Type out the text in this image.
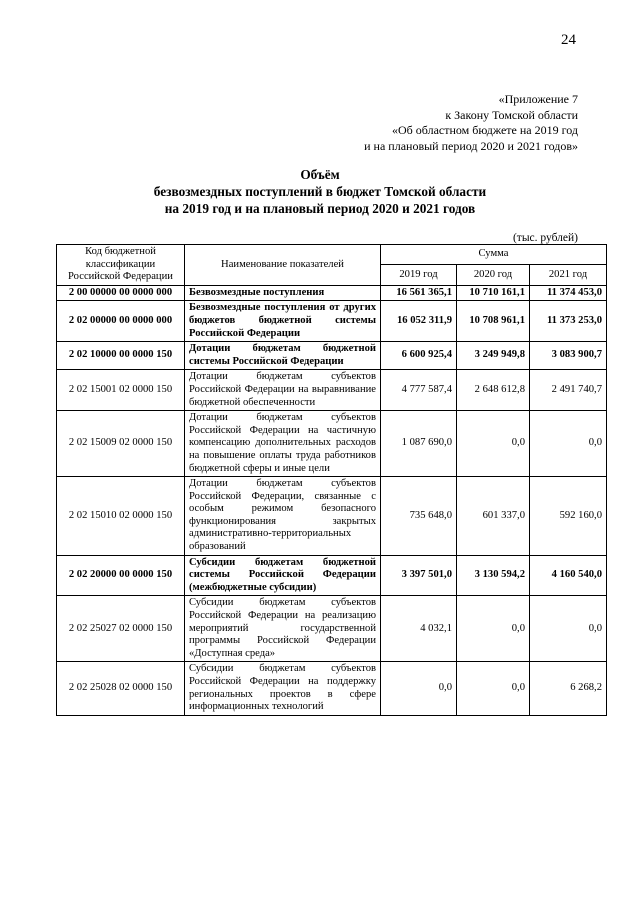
24
«Приложение 7
к Закону Томской области
«Об областном бюджете на 2019 год
и на плановый период 2020 и 2021 годов»
Объём
безвозмездных поступлений в бюджет Томской области
на 2019 год и на плановый период 2020 и 2021 годов
(тыс. рублей)
Код бюджетной классификации Российской Федерации	Наименование показателей	Сумма		
		2019 год	2020 год	2021 год
2 00 00000 00 0000 000	Безвозмездные поступления	16 561 365,1	10 710 161,1	11 374 453,0
2 02 00000 00 0000 000	Безвозмездные поступления от других бюджетов бюджетной системы Российской Федерации	16 052 311,9	10 708 961,1	11 373 253,0
2 02 10000 00 0000 150	Дотации бюджетам бюджетной системы Российской Федерации	6 600 925,4	3 249 949,8	3 083 900,7
2 02 15001 02 0000 150	Дотации бюджетам субъектов Российской Федерации на выравнивание бюджетной обеспеченности	4 777 587,4	2 648 612,8	2 491 740,7
2 02 15009 02 0000 150	Дотации бюджетам субъектов Российской Федерации на частичную компенсацию дополнительных расходов на повышение оплаты труда работников бюджетной сферы и иные цели	1 087 690,0	0,0	0,0
2 02 15010 02 0000 150	Дотации бюджетам субъектов Российской Федерации, связанные с особым режимом безопасного функционирования закрытых административно-территориальных образований	735 648,0	601 337,0	592 160,0
2 02 20000 00 0000 150	Субсидии бюджетам бюджетной системы Российской Федерации (межбюджетные субсидии)	3 397 501,0	3 130 594,2	4 160 540,0
2 02 25027 02 0000 150	Субсидии бюджетам субъектов Российской Федерации на реализацию мероприятий государственной программы Российской Федерации «Доступная среда»	4 032,1	0,0	0,0
2 02 25028 02 0000 150	Субсидии бюджетам субъектов Российской Федерации на поддержку региональных проектов в сфере информационных технологий	0,0	0,0	6 268,2
